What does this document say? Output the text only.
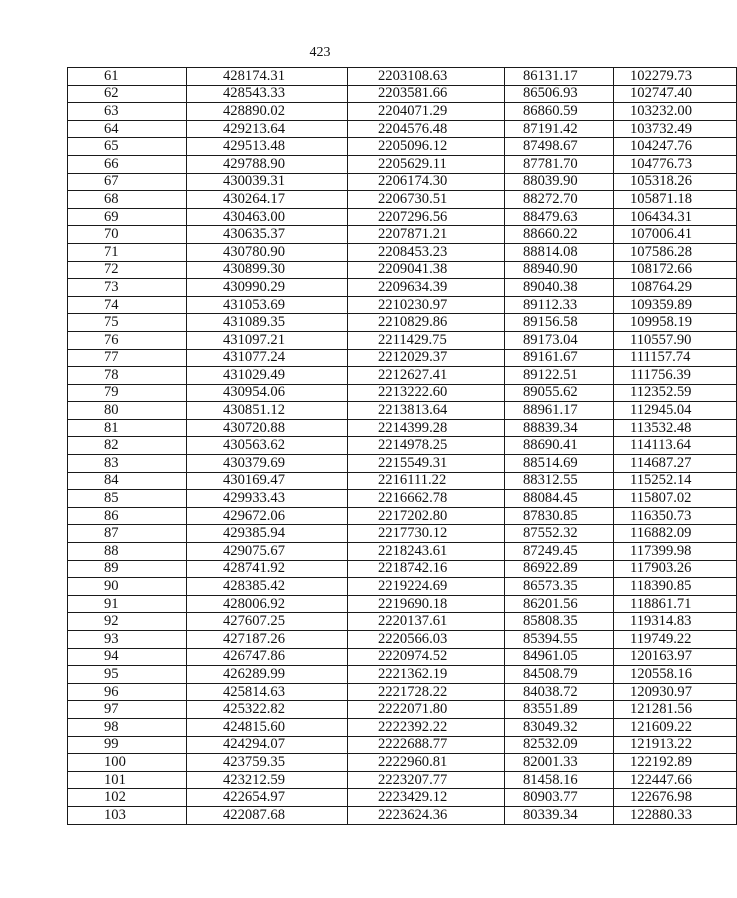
423
61	428174.31	2203108.63	86131.17	102279.73
62	428543.33	2203581.66	86506.93	102747.40
63	428890.02	2204071.29	86860.59	103232.00
64	429213.64	2204576.48	87191.42	103732.49
65	429513.48	2205096.12	87498.67	104247.76
66	429788.90	2205629.11	87781.70	104776.73
67	430039.31	2206174.30	88039.90	105318.26
68	430264.17	2206730.51	88272.70	105871.18
69	430463.00	2207296.56	88479.63	106434.31
70	430635.37	2207871.21	88660.22	107006.41
71	430780.90	2208453.23	88814.08	107586.28
72	430899.30	2209041.38	88940.90	108172.66
73	430990.29	2209634.39	89040.38	108764.29
74	431053.69	2210230.97	89112.33	109359.89
75	431089.35	2210829.86	89156.58	109958.19
76	431097.21	2211429.75	89173.04	110557.90
77	431077.24	2212029.37	89161.67	111157.74
78	431029.49	2212627.41	89122.51	111756.39
79	430954.06	2213222.60	89055.62	112352.59
80	430851.12	2213813.64	88961.17	112945.04
81	430720.88	2214399.28	88839.34	113532.48
82	430563.62	2214978.25	88690.41	114113.64
83	430379.69	2215549.31	88514.69	114687.27
84	430169.47	2216111.22	88312.55	115252.14
85	429933.43	2216662.78	88084.45	115807.02
86	429672.06	2217202.80	87830.85	116350.73
87	429385.94	2217730.12	87552.32	116882.09
88	429075.67	2218243.61	87249.45	117399.98
89	428741.92	2218742.16	86922.89	117903.26
90	428385.42	2219224.69	86573.35	118390.85
91	428006.92	2219690.18	86201.56	118861.71
92	427607.25	2220137.61	85808.35	119314.83
93	427187.26	2220566.03	85394.55	119749.22
94	426747.86	2220974.52	84961.05	120163.97
95	426289.99	2221362.19	84508.79	120558.16
96	425814.63	2221728.22	84038.72	120930.97
97	425322.82	2222071.80	83551.89	121281.56
98	424815.60	2222392.22	83049.32	121609.22
99	424294.07	2222688.77	82532.09	121913.22
100	423759.35	2222960.81	82001.33	122192.89
101	423212.59	2223207.77	81458.16	122447.66
102	422654.97	2223429.12	80903.77	122676.98
103	422087.68	2223624.36	80339.34	122880.33
